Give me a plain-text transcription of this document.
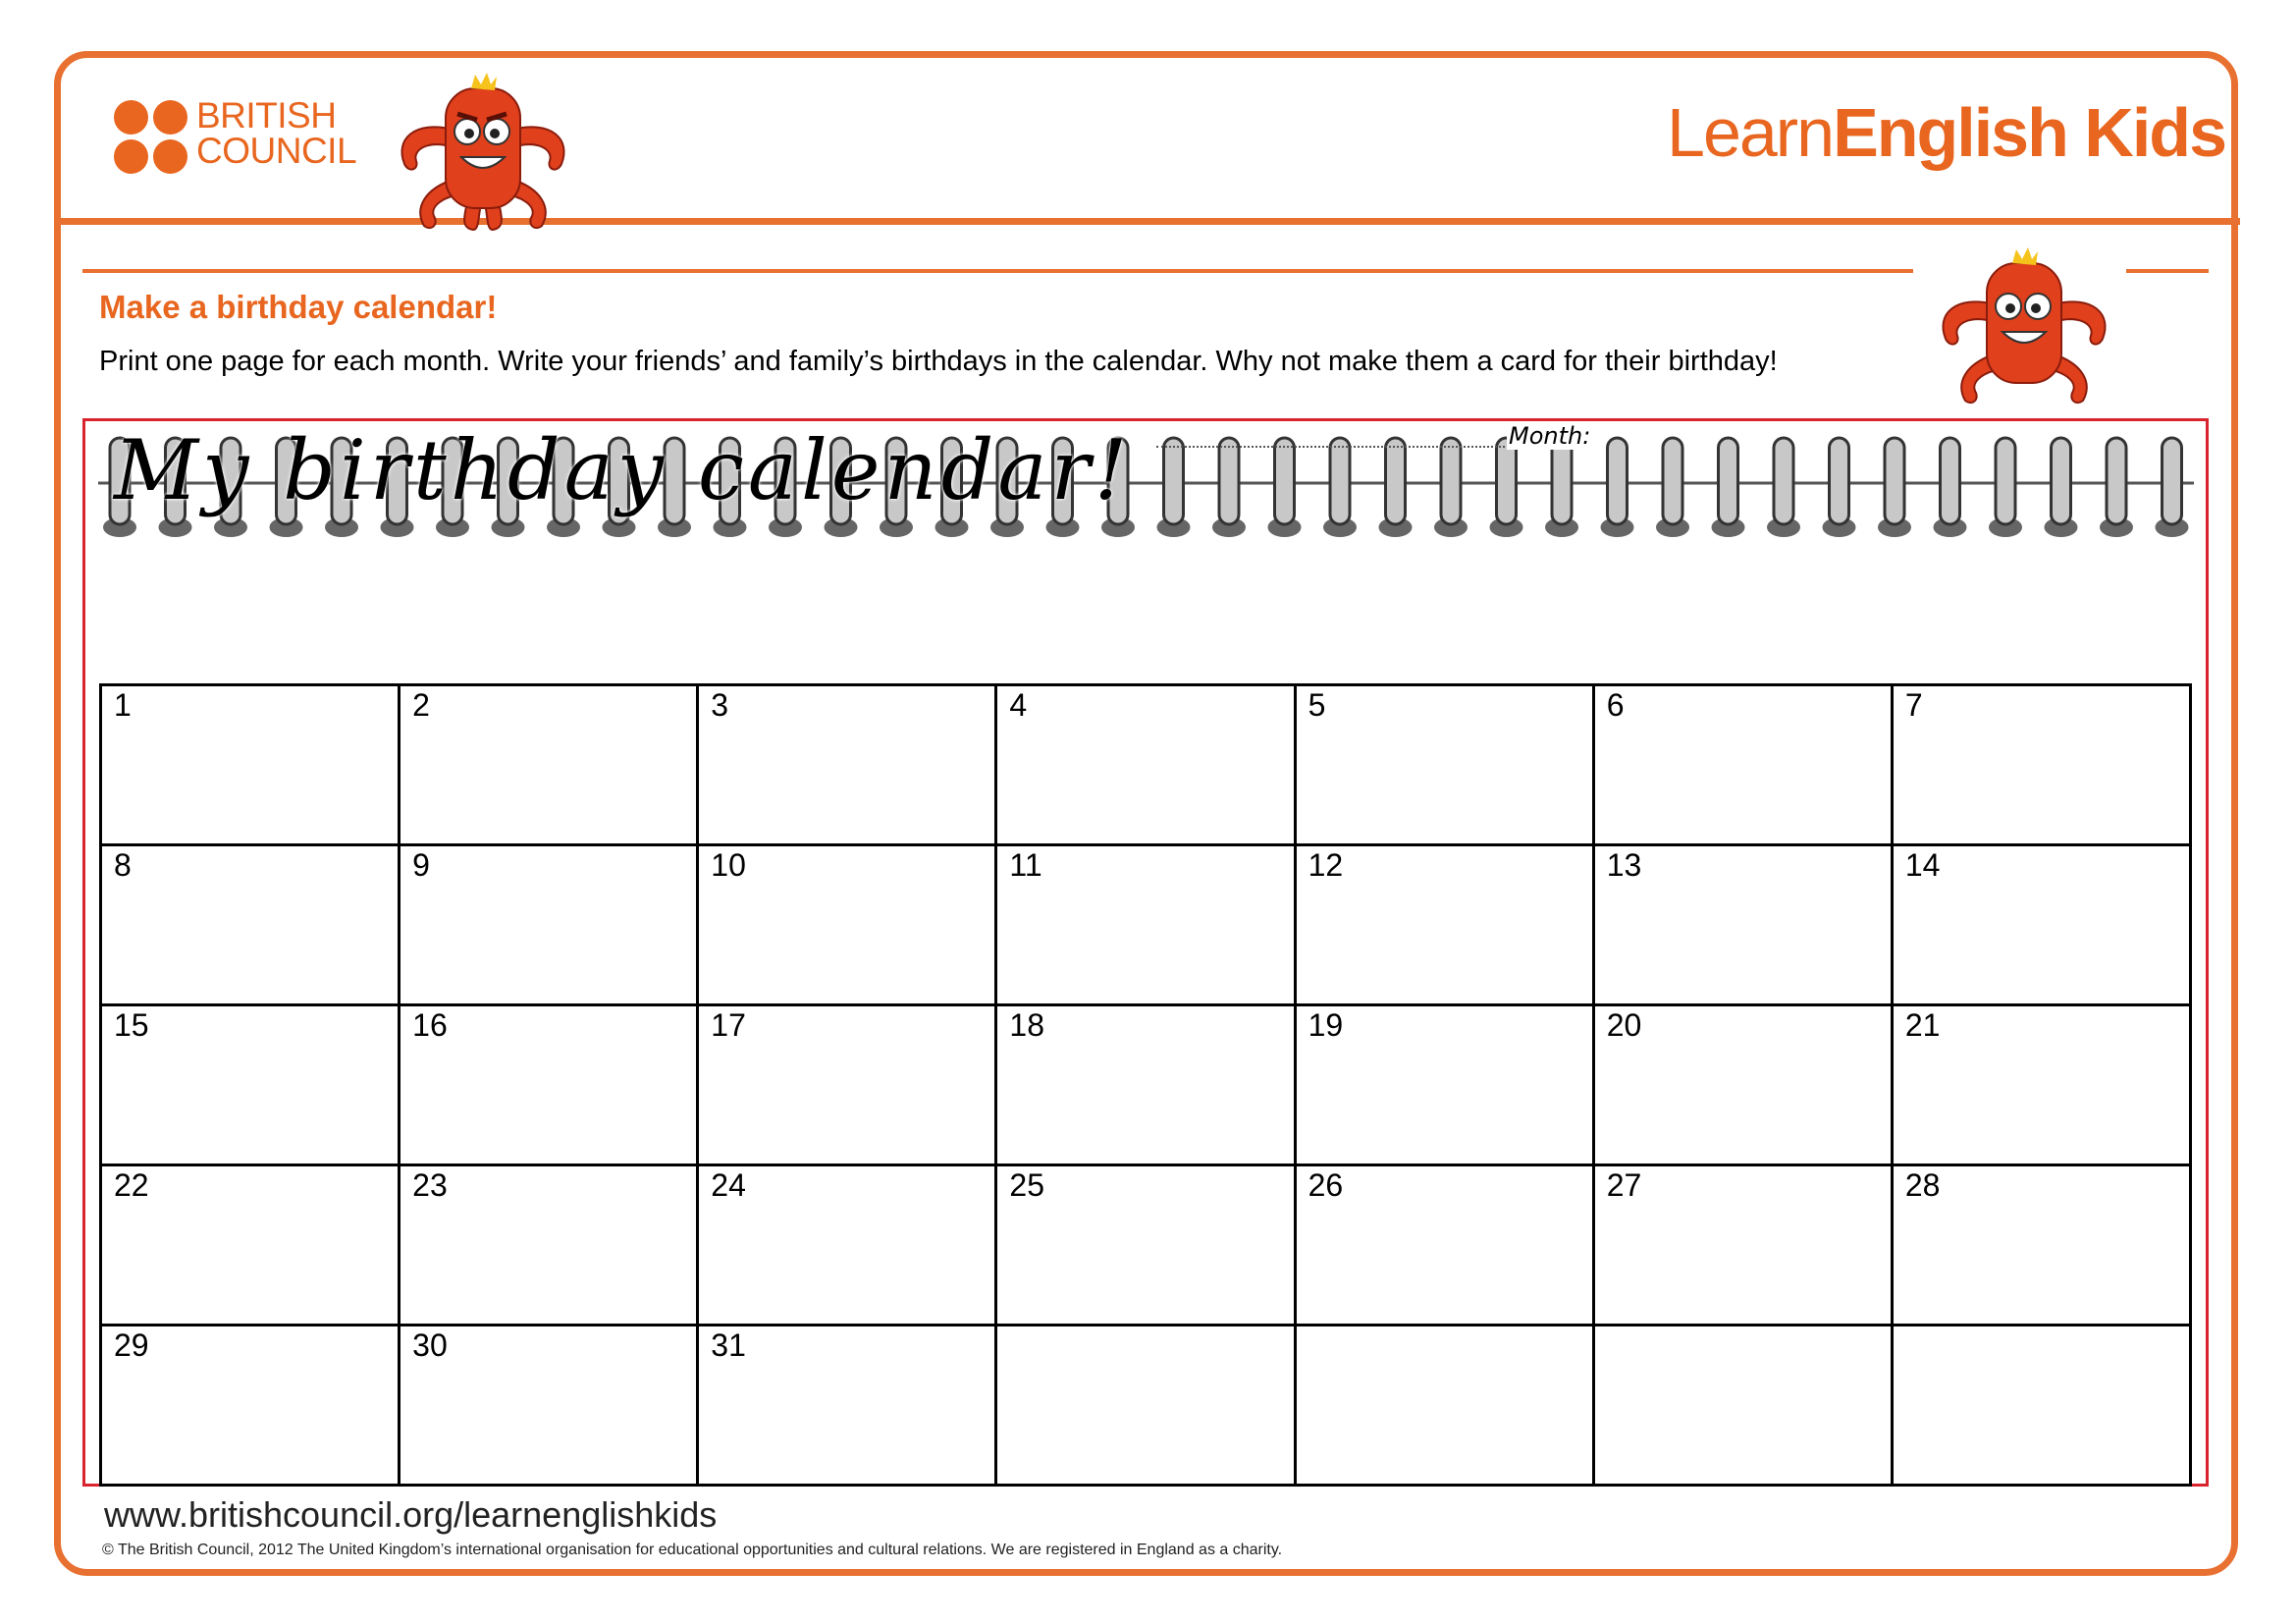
BRITISH
COUNCIL	LearnEnglish Kids
Make a birthday calendar!
Print one page for each month. Write your friends’ and family’s birthdays in the calendar. Why not make them a card for their birthday!
Month:
My birthday calendar!
1	2	3	4	5	6	7

8	9	10	11	12	13	14

15	16	17	18	19	20	21

22	23	24	25	26	27	28

29	30	31				

www.britishcouncil.org/learnenglishkids
© The British Council, 2012 The United Kingdom’s international organisation for educational opportunities and cultural relations. We are registered in England as a charity.
